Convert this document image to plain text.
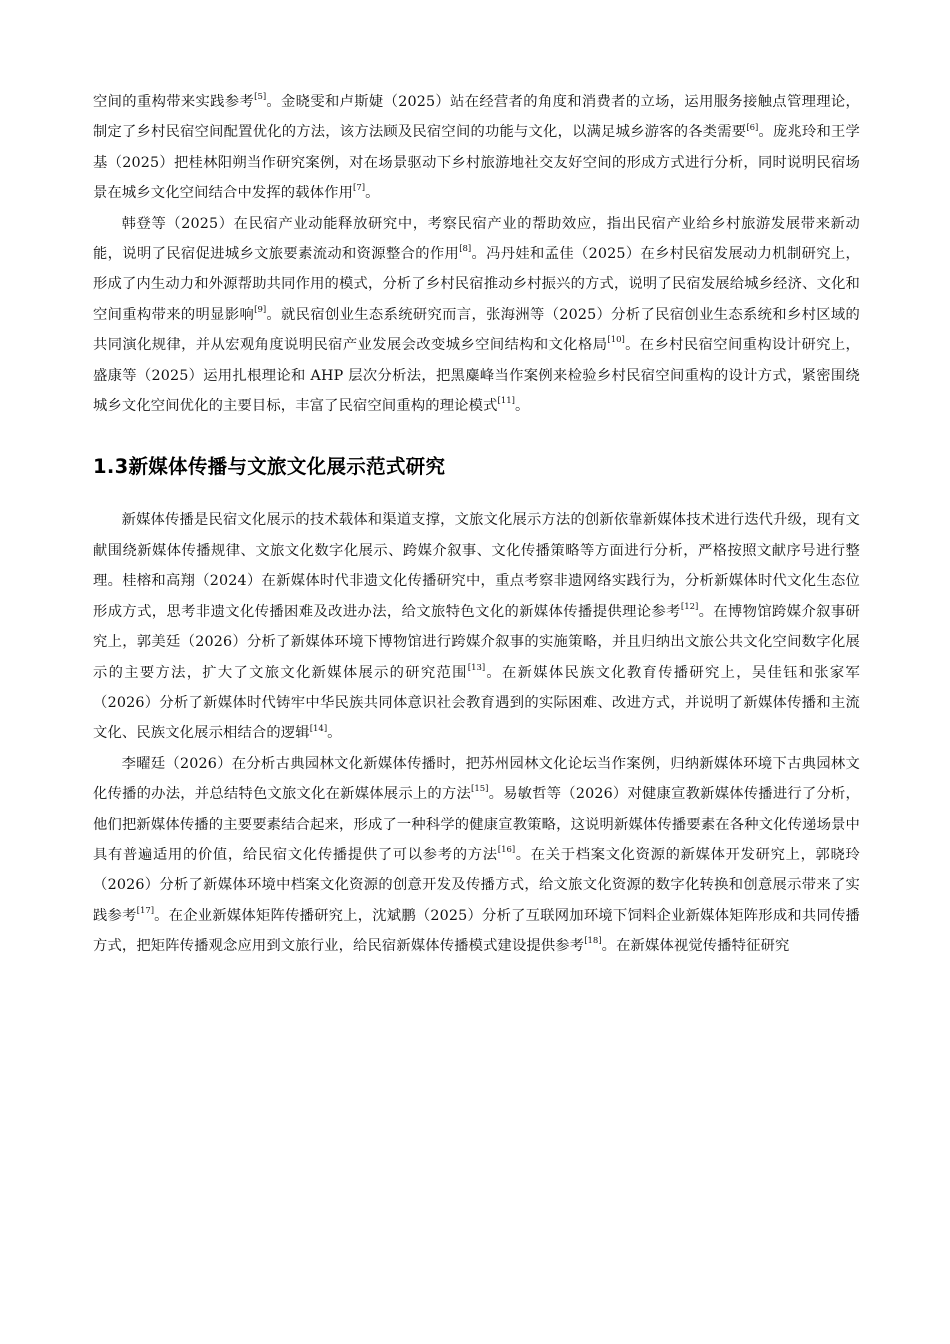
空间的重构带来实践参考[5]。金晓雯和卢斯婕（2025）站在经营者的角度和消费者的立场，运用服务接触点管理理论，制定了乡村民宿空间配置优化的方法，该方法顾及民宿空间的功能与文化，以满足城乡游客的各类需要[6]。庞兆玲和王学基（2025）把桂林阳朔当作研究案例，对在场景驱动下乡村旅游地社交友好空间的形成方式进行分析，同时说明民宿场景在城乡文化空间结合中发挥的载体作用[7]。

韩登等（2025）在民宿产业动能释放研究中，考察民宿产业的帮助效应，指出民宿产业给乡村旅游发展带来新动能，说明了民宿促进城乡文旅要素流动和资源整合的作用[8]。冯丹娃和孟佳（2025）在乡村民宿发展动力机制研究上，形成了内生动力和外源帮助共同作用的模式，分析了乡村民宿推动乡村振兴的方式，说明了民宿发展给城乡经济、文化和空间重构带来的明显影响[9]。就民宿创业生态系统研究而言，张海洲等（2025）分析了民宿创业生态系统和乡村区域的共同演化规律，并从宏观角度说明民宿产业发展会改变城乡空间结构和文化格局[10]。在乡村民宿空间重构设计研究上，盛康等（2025）运用扎根理论和 AHP 层次分析法，把黑麋峰当作案例来检验乡村民宿空间重构的设计方式，紧密围绕城乡文化空间优化的主要目标，丰富了民宿空间重构的理论模式[11]。

1.3新媒体传播与文旅文化展示范式研究

新媒体传播是民宿文化展示的技术载体和渠道支撑，文旅文化展示方法的创新依靠新媒体技术进行迭代升级，现有文献围绕新媒体传播规律、文旅文化数字化展示、跨媒介叙事、文化传播策略等方面进行分析，严格按照文献序号进行整理。桂榕和高翔（2024）在新媒体时代非遗文化传播研究中，重点考察非遗网络实践行为，分析新媒体时代文化生态位形成方式，思考非遗文化传播困难及改进办法，给文旅特色文化的新媒体传播提供理论参考[12]。在博物馆跨媒介叙事研究上，郭美廷（2026）分析了新媒体环境下博物馆进行跨媒介叙事的实施策略，并且归纳出文旅公共文化空间数字化展示的主要方法，扩大了文旅文化新媒体展示的研究范围[13]。在新媒体民族文化教育传播研究上，吴佳钰和张家军（2026）分析了新媒体时代铸牢中华民族共同体意识社会教育遇到的实际困难、改进方式，并说明了新媒体传播和主流文化、民族文化展示相结合的逻辑[14]。

李曜廷（2026）在分析古典园林文化新媒体传播时，把苏州园林文化论坛当作案例，归纳新媒体环境下古典园林文化传播的办法，并总结特色文旅文化在新媒体展示上的方法[15]。易敏哲等（2026）对健康宣教新媒体传播进行了分析，他们把新媒体传播的主要要素结合起来，形成了一种科学的健康宣教策略，这说明新媒体传播要素在各种文化传递场景中具有普遍适用的价值，给民宿文化传播提供了可以参考的方法[16]。在关于档案文化资源的新媒体开发研究上，郭晓玲（2026）分析了新媒体环境中档案文化资源的创意开发及传播方式，给文旅文化资源的数字化转换和创意展示带来了实践参考[17]。在企业新媒体矩阵传播研究上，沈斌鹏（2025）分析了互联网加环境下饲料企业新媒体矩阵形成和共同传播方式，把矩阵传播观念应用到文旅行业，给民宿新媒体传播模式建设提供参考[18]。在新媒体视觉传播特征研究
